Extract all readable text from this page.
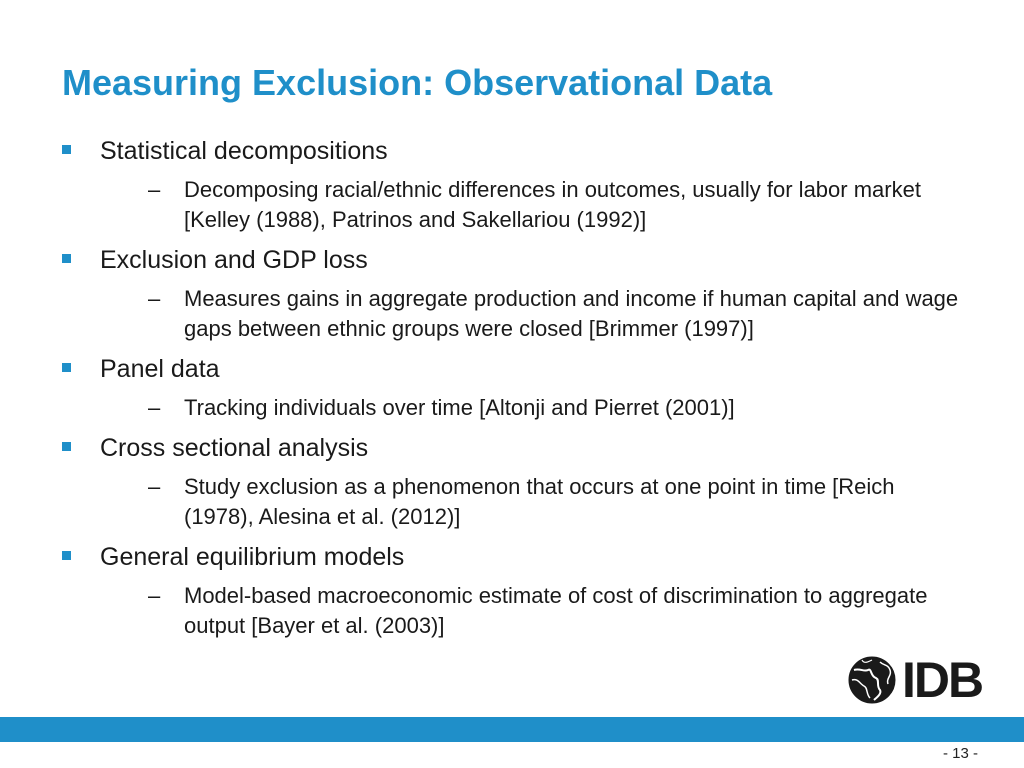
Measuring Exclusion: Observational Data
Statistical decompositions
– Decomposing racial/ethnic differences in outcomes, usually for labor market [Kelley (1988), Patrinos and Sakellariou (1992)]
Exclusion and GDP loss
– Measures gains in aggregate production and income if human capital and wage gaps between ethnic groups were closed [Brimmer (1997)]
Panel data
– Tracking individuals over time [Altonji and Pierret (2001)]
Cross sectional analysis
– Study exclusion as a phenomenon that occurs at one point in time [Reich (1978), Alesina et al. (2012)]
General equilibrium models
– Model-based macroeconomic estimate of cost of discrimination to aggregate output [Bayer et al. (2003)]
IDB
- 13 -
